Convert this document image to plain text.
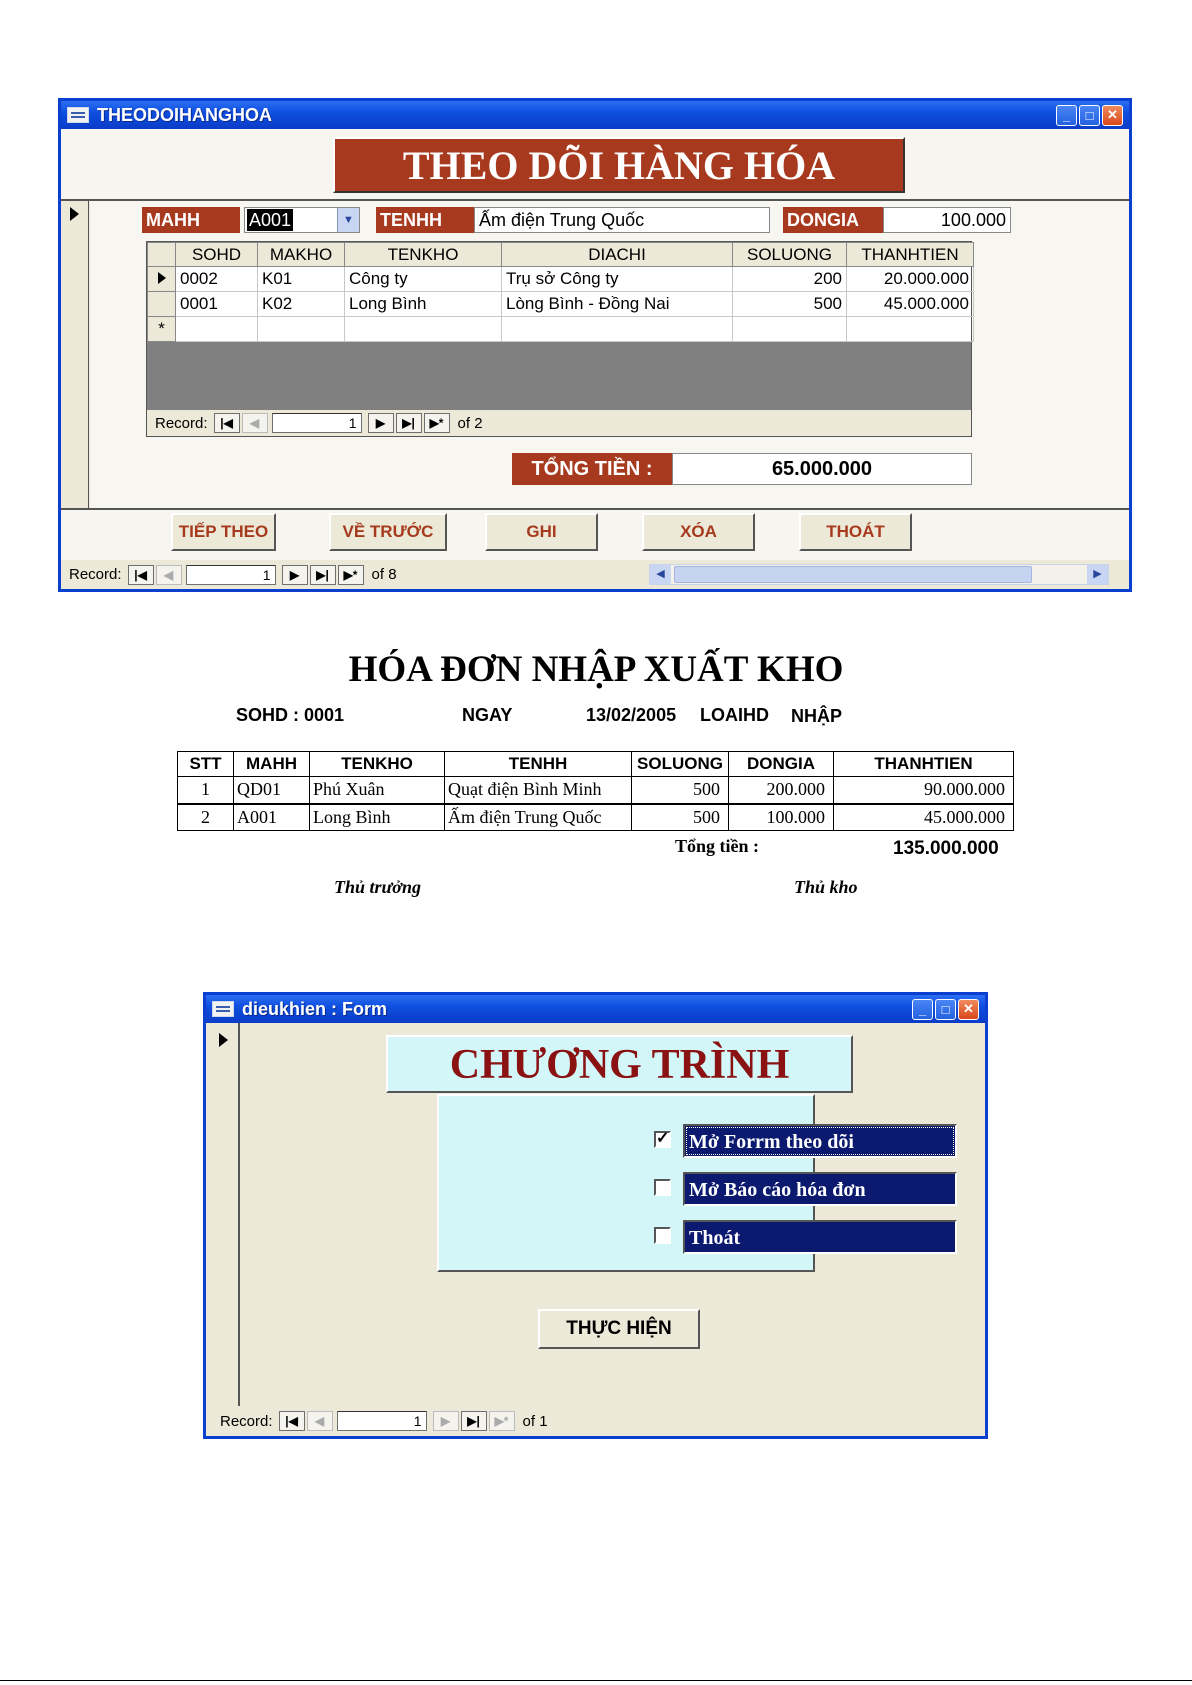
THEODOIHANGHOA	_	□	✕
THEO DÕI HÀNG HÓA
MAHH	A001	▼ TENHH	Ấm điện Trung Quốc	DONGIA	100.000
	SOHD	MAKHO	TENKHO	DIACHI	SOLUONG	THANHTIEN
	0002	K01	Công ty	Trụ sở Công ty	200	20.000.000
	0001	K02	Long Bình	Lòng Bình - Đồng Nai	500	45.000.000
*						
Record:	|◀	◀	1	▶	▶|	▶* of 2
TỔNG TIỀN :	65.000.000
TIẾP THEO	VỀ TRƯỚC	GHI	XÓA	THOÁT
Record:	|◀	◀	1	▶	▶|	▶* of 8	◀	▶
HÓA ĐƠN NHẬP XUẤT KHO
SOHD : 0001	NGAY	13/02/2005 LOAIHD NHẬP
STT	MAHH	TENKHO	TENHH	SOLUONG	DONGIA	THANHTIEN
1	QD01	Phú Xuân	Quạt điện Bình Minh	500	200.000	90.000.000
2	A001	Long Bình	Ấm điện Trung Quốc	500	100.000	45.000.000
Tổng tiền :	135.000.000
Thủ trưởng	Thủ kho
dieukhien : Form	_	□	✕
CHƯƠNG TRÌNH
✓ Mở Forrm theo dõi
Mở Báo cáo hóa đơn
Thoát
THỰC HIỆN
Record:	|◀	◀	1	▶	▶|	▶* of 1
